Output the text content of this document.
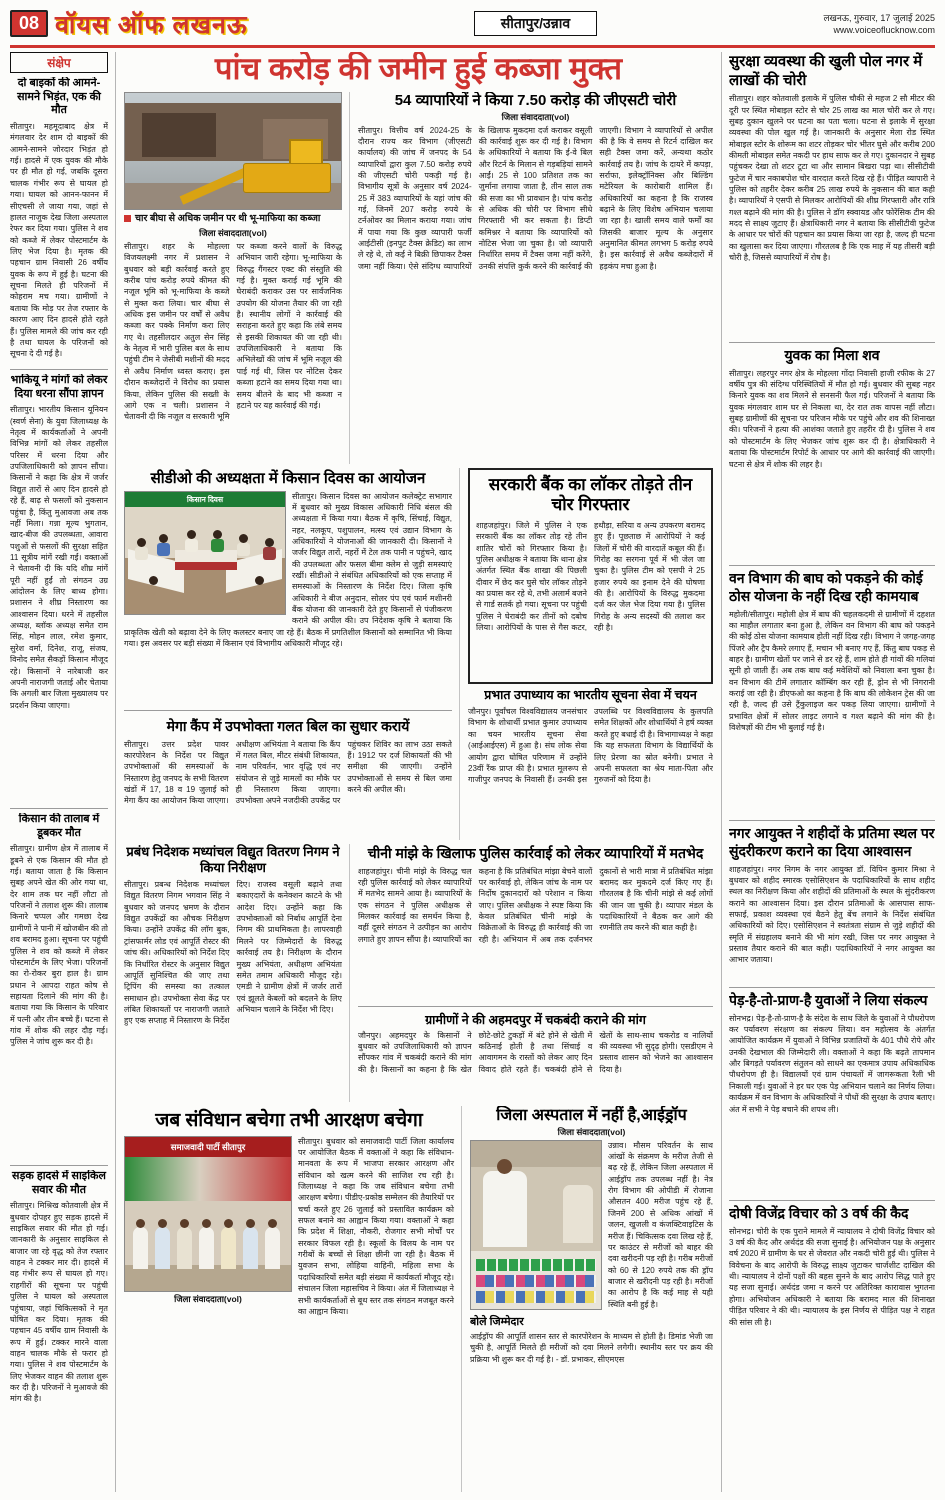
08 वॉयस ऑफ लखनऊ	सीतापुर/उन्नाव	लखनऊ, गुरुवार, 17 जुलाई 2025
www.voiceoflucknow.com
संक्षेप
दो बाइकों की आमने-सामने भिड़ंत, एक की मौत

सीतापुर। महमूदाबाद क्षेत्र में मंगलवार देर शाम दो बाइकों की आमने-सामने जोरदार भिड़ंत हो गई। हादसे में एक युवक की मौके पर ही मौत हो गई, जबकि दूसरा चालक गंभीर रूप से घायल हो गया। घायल को आनन-फानन में सीएचसी ले जाया गया, जहां से हालत नाजुक देख जिला अस्पताल रेफर कर दिया गया। पुलिस ने शव को कब्जे में लेकर पोस्टमार्टम के लिए भेज दिया है। मृतक की पहचान ग्राम निवासी 26 वर्षीय युवक के रूप में हुई है। घटना की सूचना मिलते ही परिजनों में कोहराम मच गया। ग्रामीणों ने बताया कि मोड़ पर तेज रफ्तार के कारण आए दिन हादसे होते रहते हैं। पुलिस मामले की जांच कर रही है तथा घायल के परिजनों को सूचना दे दी गई है।

भाकियू ने मांगों को लेकर दिया धरना सौंपा ज्ञापन

सीतापुर। भारतीय किसान यूनियन (स्वर्ण सेना) के युवा जिलाध्यक्ष के नेतृत्व में कार्यकर्ताओं ने अपनी विभिन्न मांगों को लेकर तहसील परिसर में धरना दिया और उपजिलाधिकारी को ज्ञापन सौंपा। किसानों ने कहा कि क्षेत्र में जर्जर विद्युत तारों से आए दिन हादसे हो रहे हैं, बाढ़ से फसलों को नुकसान पहुंचा है, किंतु मुआवजा अब तक नहीं मिला। गन्ना मूल्य भुगतान, खाद-बीज की उपलब्धता, आवारा पशुओं से फसलों की सुरक्षा सहित 11 सूत्रीय मांगें रखी गईं। वक्ताओं ने चेतावनी दी कि यदि शीघ्र मांगें पूरी नहीं हुईं तो संगठन उग्र आंदोलन के लिए बाध्य होगा। प्रशासन ने शीघ्र निस्तारण का आश्वासन दिया। धरने में तहसील अध्यक्ष, ब्लॉक अध्यक्ष समेत राम सिंह, मोहन लाल, रमेश कुमार, सुरेश वर्मा, दिनेश, राजू, संजय, विनोद समेत सैकड़ों किसान मौजूद रहे। किसानों ने नारेबाजी कर अपनी नाराजगी जताई और चेताया कि अगली बार जिला मुख्यालय पर प्रदर्शन किया जाएगा।

किसान की तालाब में डूबकर मौत

सीतापुर। ग्रामीण क्षेत्र में तालाब में डूबने से एक किसान की मौत हो गई। बताया जाता है कि किसान सुबह अपने खेत की ओर गया था, देर शाम तक घर नहीं लौटा तो परिजनों ने तलाश शुरू की। तालाब किनारे चप्पल और गमछा देख ग्रामीणों ने पानी में खोजबीन की तो शव बरामद हुआ। सूचना पर पहुंची पुलिस ने शव को कब्जे में लेकर पोस्टमार्टम के लिए भेजा। परिजनों का रो-रोकर बुरा हाल है। ग्राम प्रधान ने आपदा राहत कोष से सहायता दिलाने की मांग की है। बताया गया कि किसान के परिवार में पत्नी और तीन बच्चे हैं। घटना से गांव में शोक की लहर दौड़ गई। पुलिस ने जांच शुरू कर दी है।

सड़क हादसे में साइकिल सवार की मौत

सीतापुर। मिश्रिख कोतवाली क्षेत्र में बुधवार दोपहर हुए सड़क हादसे में साइकिल सवार की मौत हो गई। जानकारी के अनुसार साइकिल से बाजार जा रहे वृद्ध को तेज रफ्तार वाहन ने टक्कर मार दी। हादसे में वह गंभीर रूप से घायल हो गए। राहगीरों की सूचना पर पहुंची पुलिस ने घायल को अस्पताल पहुंचाया, जहां चिकित्सकों ने मृत घोषित कर दिया। मृतक की पहचान 45 वर्षीय ग्राम निवासी के रूप में हुई। टक्कर मारने वाला वाहन चालक मौके से फरार हो गया। पुलिस ने शव पोस्टमार्टम के लिए भेजकर वाहन की तलाश शुरू कर दी है। परिजनों ने मुआवजे की मांग की है।

पांच करोड़ की जमीन हुई कब्जा मुक्त
चार बीघा से अधिक जमीन पर थी भू-माफिया का कब्जा
जिला संवाददाता(vol)
सीतापुर। शहर के मोहल्ला विजयलक्ष्मी नगर में प्रशासन ने बुधवार को बड़ी कार्रवाई करते हुए करीब पांच करोड़ रुपये कीमत की नजूल भूमि को भू-माफिया के कब्जे से मुक्त करा लिया। चार बीघा से अधिक इस जमीन पर वर्षों से अवैध कब्जा कर पक्के निर्माण करा लिए गए थे। तहसीलदार अतुल सेन सिंह के नेतृत्व में भारी पुलिस बल के साथ पहुंची टीम ने जेसीबी मशीनों की मदद से अवैध निर्माण ध्वस्त कराए। इस दौरान कब्जेदारों ने विरोध का प्रयास किया, लेकिन पुलिस की सख्ती के आगे एक न चली। प्रशासन ने चेतावनी दी कि नजूल व सरकारी भूमि पर कब्जा करने वालों के विरुद्ध अभियान जारी रहेगा। भू-माफिया के विरुद्ध गैंगस्टर एक्ट की संस्तुति की गई है। मुक्त कराई गई भूमि की घेराबंदी कराकर उस पर सार्वजनिक उपयोग की योजना तैयार की जा रही है। स्थानीय लोगों ने कार्रवाई की सराहना करते हुए कहा कि लंबे समय से इसकी शिकायत की जा रही थी। उपजिलाधिकारी ने बताया कि अभिलेखों की जांच में भूमि नजूल की पाई गई थी, जिस पर नोटिस देकर कब्जा हटाने का समय दिया गया था। समय बीतने के बाद भी कब्जा न हटाने पर यह कार्रवाई की गई।
54 व्यापारियों ने किया 7.50 करोड़ की जीएसटी चोरी
जिला संवाददाता(vol)
सीतापुर। वित्तीय वर्ष 2024-25 के दौरान राज्य कर विभाग (जीएसटी कार्यालय) की जांच में जनपद के 54 व्यापारियों द्वारा कुल 7.50 करोड़ रुपये की जीएसटी चोरी पकड़ी गई है। विभागीय सूत्रों के अनुसार वर्ष 2024-25 में 383 व्यापारियों के यहां जांच की गई, जिनमें 207 करोड़ रुपये के टर्नओवर का मिलान कराया गया। जांच में पाया गया कि कुछ व्यापारी फर्जी आईटीसी (इनपुट टैक्स क्रेडिट) का लाभ ले रहे थे, तो कई ने बिक्री छिपाकर टैक्स जमा नहीं किया। ऐसे संदिग्ध व्यापारियों के खिलाफ मुकदमा दर्ज कराकर वसूली की कार्रवाई शुरू कर दी गई है। विभाग के अधिकारियों ने बताया कि ई-वे बिल और रिटर्न के मिलान से गड़बड़ियां सामने आईं। 25 से 100 प्रतिशत तक का जुर्माना लगाया जाता है, तीन साल तक की सजा का भी प्रावधान है। पांच करोड़ से अधिक की चोरी पर विभाग सीधे गिरफ्तारी भी कर सकता है। डिप्टी कमिश्नर ने बताया कि व्यापारियों को नोटिस भेजा जा चुका है। जो व्यापारी निर्धारित समय में टैक्स जमा नहीं करेंगे, उनकी संपत्ति कुर्क करने की कार्रवाई की जाएगी। विभाग ने व्यापारियों से अपील की है कि वे समय से रिटर्न दाखिल कर सही टैक्स जमा करें, अन्यथा कठोर कार्रवाई तय है। जांच के दायरे में कपड़ा, सर्राफा, इलेक्ट्रॉनिक्स और बिल्डिंग मटेरियल के कारोबारी शामिल हैं। अधिकारियों का कहना है कि राजस्व बढ़ाने के लिए विशेष अभियान चलाया जा रहा है। खाली समय वाले फर्मों का जिसकी बाजार मूल्य के अनुसार अनुमानित कीमत लगभग 5 करोड़ रुपये है। इस कार्रवाई से अवैध कब्जेदारों में हड़कंप मचा हुआ है।
सीडीओ की अध्यक्षता में किसान दिवस का आयोजन
किसान दिवस	सीतापुर। किसान दिवस का आयोजन कलेक्ट्रेट सभागार में बुधवार को मुख्य विकास अधिकारी निधि बंसल की अध्यक्षता में किया गया। बैठक में कृषि, सिंचाई, विद्युत, नहर, नलकूप, पशुपालन, मत्स्य एवं उद्यान विभाग के अधिकारियों ने योजनाओं की जानकारी दी। किसानों ने जर्जर विद्युत तारों, नहरों में टेल तक पानी न पहुंचने, खाद की उपलब्धता और फसल बीमा क्लेम से जुड़ी समस्याएं रखीं। सीडीओ ने संबंधित अधिकारियों को एक सप्ताह में समस्याओं के निस्तारण के निर्देश दिए। जिला कृषि अधिकारी ने बीज अनुदान, सोलर पंप एवं फार्म मशीनरी बैंक योजना की जानकारी देते हुए किसानों से पंजीकरण कराने की अपील की। उप निदेशक कृषि ने बताया कि प्राकृतिक खेती को बढ़ावा देने के लिए कलस्टर बनाए जा रहे हैं। बैठक में प्रगतिशील किसानों को सम्मानित भी किया गया। इस अवसर पर बड़ी संख्या में किसान एवं विभागीय अधिकारी मौजूद रहे।
मेगा कैंप में उपभोक्ता गलत बिल का सुधार करायें
सीतापुर। उत्तर प्रदेश पावर कारपोरेशन के निर्देश पर विद्युत उपभोक्ताओं की समस्याओं के निस्तारण हेतु जनपद के सभी वितरण खंडों में 17, 18 व 19 जुलाई को मेगा कैंप का आयोजन किया जाएगा। अधीक्षण अभियंता ने बताया कि कैंप में गलत बिल, मीटर संबंधी शिकायत, नाम परिवर्तन, भार वृद्धि एवं नए संयोजन से जुड़े मामलों का मौके पर ही निस्तारण किया जाएगा। उपभोक्ता अपने नजदीकी उपकेंद्र पर पहुंचकर शिविर का लाभ उठा सकते हैं। 1912 पर दर्ज शिकायतों की भी समीक्षा की जाएगी। उन्होंने उपभोक्ताओं से समय से बिल जमा करने की अपील की।
सरकारी बैंक का लॉकर तोड़ते तीन चोर गिरफ्तार
शाहजहांपुर। जिले में पुलिस ने एक सरकारी बैंक का लॉकर तोड़ रहे तीन शातिर चोरों को गिरफ्तार किया है। पुलिस अधीक्षक ने बताया कि थाना क्षेत्र अंतर्गत स्थित बैंक शाखा की पिछली दीवार में छेद कर घुसे चोर लॉकर तोड़ने का प्रयास कर रहे थे, तभी अलार्म बजने से गार्ड सतर्क हो गया। सूचना पर पहुंची पुलिस ने घेराबंदी कर तीनों को दबोच लिया। आरोपियों के पास से गैस कटर, हथौड़ा, सरिया व अन्य उपकरण बरामद हुए हैं। पूछताछ में आरोपियों ने कई जिलों में चोरी की वारदातें कबूल की हैं। गिरोह का सरगना पूर्व में भी जेल जा चुका है। पुलिस टीम को एसपी ने 25 हजार रुपये का इनाम देने की घोषणा की है। आरोपियों के विरुद्ध मुकदमा दर्ज कर जेल भेज दिया गया है। पुलिस गिरोह के अन्य सदस्यों की तलाश कर रही है।
प्रभात उपाध्याय का भारतीय सूचना सेवा में चयन
जौनपुर। पूर्वांचल विश्वविद्यालय जनसंचार विभाग के शोधार्थी प्रभात कुमार उपाध्याय का चयन भारतीय सूचना सेवा (आईआईएस) में हुआ है। संघ लोक सेवा आयोग द्वारा घोषित परिणाम में उन्होंने 23वीं रैंक प्राप्त की है। प्रभात मूलरूप से गाजीपुर जनपद के निवासी हैं। उनकी इस उपलब्धि पर विश्वविद्यालय के कुलपति समेत शिक्षकों और शोधार्थियों ने हर्ष व्यक्त करते हुए बधाई दी है। विभागाध्यक्ष ने कहा कि यह सफलता विभाग के विद्यार्थियों के लिए प्रेरणा का स्रोत बनेगी। प्रभात ने अपनी सफलता का श्रेय माता-पिता और गुरुजनों को दिया है।
प्रबंध निदेशक मध्यांचल विद्युत वितरण निगम ने किया निरीक्षण
सीतापुर। प्रबन्ध निदेशक मध्यांचल विद्युत वितरण निगम भगवान सिंह ने बुधवार को जनपद भ्रमण के दौरान विद्युत उपकेंद्रों का औचक निरीक्षण किया। उन्होंने उपकेंद्र की लॉग बुक, ट्रांसफार्मर लोड एवं आपूर्ति रोस्टर की जांच की। अधिकारियों को निर्देश दिए कि निर्धारित रोस्टर के अनुसार विद्युत आपूर्ति सुनिश्चित की जाए तथा ट्रिपिंग की समस्या का तत्काल समाधान हो। उपभोक्ता सेवा केंद्र पर लंबित शिकायतों पर नाराजगी जताते हुए एक सप्ताह में निस्तारण के निर्देश दिए। राजस्व वसूली बढ़ाने तथा बकाएदारों के कनेक्शन काटने के भी आदेश दिए। उन्होंने कहा कि उपभोक्ताओं को निर्बाध आपूर्ति देना निगम की प्राथमिकता है। लापरवाही मिलने पर जिम्मेदारों के विरुद्ध कार्रवाई तय है। निरीक्षण के दौरान मुख्य अभियंता, अधीक्षण अभियंता समेत तमाम अधिकारी मौजूद रहे। एमडी ने ग्रामीण क्षेत्रों में जर्जर तारों एवं झूलते केबलों को बदलने के लिए अभियान चलाने के निर्देश भी दिए।
चीनी मांझे के खिलाफ पुलिस कार्रवाई को लेकर व्यापारियों में मतभेद
शाहजहांपुर। चीनी मांझे के विरुद्ध चल रही पुलिस कार्रवाई को लेकर व्यापारियों में मतभेद सामने आया है। व्यापारियों के एक संगठन ने पुलिस अधीक्षक से मिलकर कार्रवाई का समर्थन किया है, वहीं दूसरे संगठन ने उत्पीड़न का आरोप लगाते हुए ज्ञापन सौंपा है। व्यापारियों का कहना है कि प्रतिबंधित मांझा बेचने वालों पर कार्रवाई हो, लेकिन जांच के नाम पर निर्दोष दुकानदारों को परेशान न किया जाए। पुलिस अधीक्षक ने स्पष्ट किया कि केवल प्रतिबंधित चीनी मांझे के विक्रेताओं के विरुद्ध ही कार्रवाई की जा रही है। अभियान में अब तक दर्जनभर दुकानों से भारी मात्रा में प्रतिबंधित मांझा बरामद कर मुकदमे दर्ज किए गए हैं। गौरतलब है कि चीनी मांझे से कई लोगों की जान जा चुकी है। व्यापार मंडल के पदाधिकारियों ने बैठक कर आगे की रणनीति तय करने की बात कही है।
ग्रामीणों ने की अहमदपुर में चकबंदी कराने की मांग
जौनपुर। अहमदपुर के किसानों ने बुधवार को उपजिलाधिकारी को ज्ञापन सौंपकर गांव में चकबंदी कराने की मांग की है। किसानों का कहना है कि खेत छोटे-छोटे टुकड़ों में बंटे होने से खेती में कठिनाई होती है तथा सिंचाई व आवागमन के रास्तों को लेकर आए दिन विवाद होते रहते हैं। चकबंदी होने से खेतों के साथ-साथ चकरोड व नालियों की व्यवस्था भी सुदृढ़ होगी। एसडीएम ने प्रस्ताव शासन को भेजने का आश्वासन दिया है।
जब संविधान बचेगा तभी आरक्षण बचेगा
समाजवादी पार्टी सीतापुर
जिला संवाददाता(vol)
सीतापुर। बुधवार को समाजवादी पार्टी जिला कार्यालय पर आयोजित बैठक में वक्ताओं ने कहा कि संविधान-मानवता के रूप में भाजपा सरकार आरक्षण और संविधान को खत्म करने की साजिश रच रही है। जिलाध्यक्ष ने कहा कि जब संविधान बचेगा तभी आरक्षण बचेगा। पीडीए-प्रकोष्ठ सम्मेलन की तैयारियों पर चर्चा करते हुए 26 जुलाई को प्रस्तावित कार्यक्रम को सफल बनाने का आह्वान किया गया। वक्ताओं ने कहा कि प्रदेश में शिक्षा, नौकरी, रोजगार सभी मोर्चों पर सरकार विफल रही है। स्कूलों के विलय के नाम पर गरीबों के बच्चों से शिक्षा छीनी जा रही है। बैठक में युवजन सभा, लोहिया वाहिनी, महिला सभा के पदाधिकारियों समेत बड़ी संख्या में कार्यकर्ता मौजूद रहे। संचालन जिला महासचिव ने किया। अंत में जिलाध्यक्ष ने सभी कार्यकर्ताओं से बूथ स्तर तक संगठन मजबूत करने का आह्वान किया।
जिला अस्पताल में नहीं है,आईड्रॉप
जिला संवाददाता(vol)
उन्नाव। मौसम परिवर्तन के साथ आंखों के संक्रमण के मरीज तेजी से बढ़ रहे हैं, लेकिन जिला अस्पताल में आईड्रॉप तक उपलब्ध नहीं है। नेत्र रोग विभाग की ओपीडी में रोजाना औसतन 400 मरीज पहुंच रहे हैं, जिनमें 200 से अधिक आंखों में जलन, खुजली व कंजक्टिवाइटिस के मरीज हैं। चिकित्सक दवा लिख रहे हैं, पर काउंटर से मरीजों को बाहर की दवा खरीदनी पड़ रही है। गरीब मरीजों को 60 से 120 रुपये तक की ड्रॉप बाजार से खरीदनी पड़ रही है। मरीजों का आरोप है कि कई माह से यही स्थिति बनी हुई है।
बोले जिम्मेदार
आईड्रॉप की आपूर्ति शासन स्तर से कारपोरेशन के माध्यम से होती है। डिमांड भेजी जा चुकी है, आपूर्ति मिलते ही मरीजों को दवा मिलने लगेगी। स्थानीय स्तर पर क्रय की प्रक्रिया भी शुरू कर दी गई है। - डॉ. प्रभाकर, सीएमएस
सुरक्षा व्यवस्था की खुली पोल नगर में लाखों की चोरी
सीतापुर। शहर कोतवाली इलाके में पुलिस चौकी से महज 2 सौ मीटर की दूरी पर स्थित मोबाइल स्टोर से चोर 25 लाख का माल चोरी कर ले गए। सुबह दुकान खुलने पर घटना का पता चला। घटना से इलाके में सुरक्षा व्यवस्था की पोल खुल गई है। जानकारी के अनुसार मेला रोड स्थित मोबाइल स्टोर के शोरूम का शटर तोड़कर चोर भीतर घुसे और करीब 200 कीमती मोबाइल समेत नकदी पर हाथ साफ कर ले गए। दुकानदार ने सुबह पहुंचकर देखा तो शटर टूटा था और सामान बिखरा पड़ा था। सीसीटीवी फुटेज में चार नकाबपोश चोर वारदात करते दिख रहे हैं। पीड़ित व्यापारी ने पुलिस को तहरीर देकर करीब 25 लाख रुपये के नुकसान की बात कही है। व्यापारियों ने एसपी से मिलकर आरोपियों की शीघ्र गिरफ्तारी और रात्रि गश्त बढ़ाने की मांग की है। पुलिस ने डॉग स्क्वायड और फोरेंसिक टीम की मदद से साक्ष्य जुटाए हैं। क्षेत्राधिकारी नगर ने बताया कि सीसीटीवी फुटेज के आधार पर चोरों की पहचान का प्रयास किया जा रहा है, जल्द ही घटना का खुलासा कर दिया जाएगा। गौरतलब है कि एक माह में यह तीसरी बड़ी चोरी है, जिससे व्यापारियों में रोष है।
युवक का मिला शव
सीतापुर। लहरपुर नगर क्षेत्र के मोहल्ला गोंदा निवासी हाजी रफीक के 27 वर्षीय पुत्र की संदिग्ध परिस्थितियों में मौत हो गई। बुधवार की सुबह नहर किनारे युवक का शव मिलने से सनसनी फैल गई। परिजनों ने बताया कि युवक मंगलवार शाम घर से निकला था, देर रात तक वापस नहीं लौटा। सुबह ग्रामीणों की सूचना पर परिजन मौके पर पहुंचे और शव की शिनाख्त की। परिजनों ने हत्या की आशंका जताते हुए तहरीर दी है। पुलिस ने शव को पोस्टमार्टम के लिए भेजकर जांच शुरू कर दी है। क्षेत्राधिकारी ने बताया कि पोस्टमार्टम रिपोर्ट के आधार पर आगे की कार्रवाई की जाएगी। घटना से क्षेत्र में शोक की लहर है।
वन विभाग की बाघ को पकड़ने की कोई ठोस योजना के नहीं दिख रही कामयाब
महोली/सीतापुर। महोली क्षेत्र में बाघ की चहलकदमी से ग्रामीणों में दहशत का माहौल लगातार बना हुआ है, लेकिन वन विभाग की बाघ को पकड़ने की कोई ठोस योजना कामयाब होती नहीं दिख रही। विभाग ने जगह-जगह पिंजरे और ट्रैप कैमरे लगाए हैं, मचान भी बनाए गए हैं, किंतु बाघ पकड़ से बाहर है। ग्रामीण खेतों पर जाने से डर रहे हैं, शाम होते ही गांवों की गलियां सूनी हो जाती हैं। अब तक बाघ कई मवेशियों को निवाला बना चुका है। वन विभाग की टीमें लगातार कॉम्बिंग कर रही हैं, ड्रोन से भी निगरानी कराई जा रही है। डीएफओ का कहना है कि बाघ की लोकेशन ट्रेस की जा रही है, जल्द ही उसे ट्रैंकुलाइज कर पकड़ लिया जाएगा। ग्रामीणों ने प्रभावित क्षेत्रों में सोलर लाइट लगाने व गश्त बढ़ाने की मांग की है। विशेषज्ञों की टीम भी बुलाई गई है।
नगर आयुक्त ने शहीदों के प्रतिमा स्थल पर सुंदरीकरण कराने का दिया आश्वासन
शाहजहांपुर। नगर निगम के नगर आयुक्त डॉ. विपिन कुमार मिश्रा ने बुधवार को शहीद स्मारक एसोसिएशन के पदाधिकारियों के साथ शहीद स्थल का निरीक्षण किया और शहीदों की प्रतिमाओं के स्थल के सुंदरीकरण कराने का आश्वासन दिया। इस दौरान प्रतिमाओं के आसपास साफ-सफाई, प्रकाश व्यवस्था एवं बैठने हेतु बेंच लगाने के निर्देश संबंधित अधिकारियों को दिए। एसोसिएशन ने स्वतंत्रता संग्राम से जुड़े शहीदों की स्मृति में संग्रहालय बनाने की भी मांग रखी, जिस पर नगर आयुक्त ने प्रस्ताव तैयार कराने की बात कही। पदाधिकारियों ने नगर आयुक्त का आभार जताया।
पेड़-है-तो-प्राण-है युवाओं ने लिया संकल्प
सोनभद्र। पेड़-है-तो-प्राण-है के संदेश के साथ जिले के युवाओं ने पौधरोपण कर पर्यावरण संरक्षण का संकल्प लिया। वन महोत्सव के अंतर्गत आयोजित कार्यक्रम में युवाओं ने विभिन्न प्रजातियों के 401 पौधे रोपे और उनकी देखभाल की जिम्मेदारी ली। वक्ताओं ने कहा कि बढ़ते तापमान और बिगड़ते पर्यावरण संतुलन को साधने का एकमात्र उपाय अधिकाधिक पौधरोपण ही है। विद्यालयों एवं ग्राम पंचायतों में जागरूकता रैली भी निकाली गई। युवाओं ने हर घर एक पेड़ अभियान चलाने का निर्णय लिया। कार्यक्रम में वन विभाग के अधिकारियों ने पौधों की सुरक्षा के उपाय बताए। अंत में सभी ने पेड़ बचाने की शपथ ली।
दोषी विजेंद्र विचार को 3 वर्ष की कैद
सोनभद्र। चोरी के एक पुराने मामले में न्यायालय ने दोषी विजेंद्र विचार को 3 वर्ष की कैद और अर्थदंड की सजा सुनाई है। अभियोजन पक्ष के अनुसार वर्ष 2020 में ग्रामीण के घर से जेवरात और नकदी चोरी हुई थी। पुलिस ने विवेचना के बाद आरोपी के विरुद्ध साक्ष्य जुटाकर चार्जशीट दाखिल की थी। न्यायालय ने दोनों पक्षों की बहस सुनने के बाद आरोप सिद्ध पाते हुए यह सजा सुनाई। अर्थदंड जमा न करने पर अतिरिक्त कारावास भुगतना होगा। अभियोजन अधिकारी ने बताया कि बरामद माल की शिनाख्त पीड़ित परिवार ने की थी। न्यायालय के इस निर्णय से पीड़ित पक्ष ने राहत की सांस ली है।
